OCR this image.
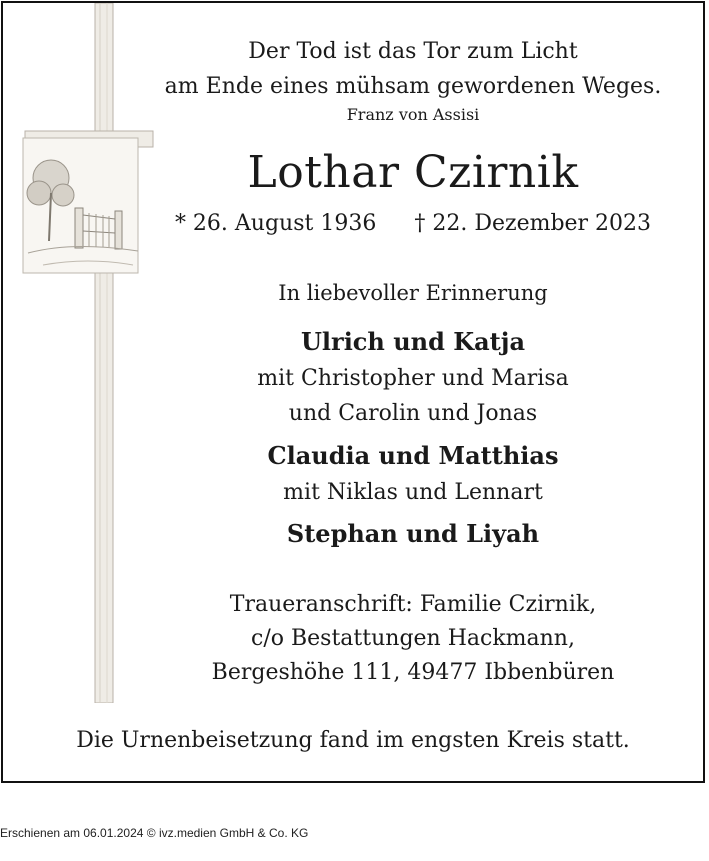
Der Tod ist das Tor zum Licht
am Ende eines mühsam gewordenen Weges.
Franz von Assisi
Lothar Czirnik
* 26. August 1936 † 22. Dezember 2023
In liebevoller Erinnerung
Ulrich und Katja
mit Christopher und Marisa
und Carolin und Jonas
Claudia und Matthias
mit Niklas und Lennart
Stephan und Liyah
Traueranschrift: Familie Czirnik,
c/o Bestattungen Hackmann,
Bergeshöhe 111, 49477 Ibbenbüren
Die Urnenbeisetzung fand im engsten Kreis statt.
Erschienen am 06.01.2024 © ivz.medien GmbH & Co. KG
